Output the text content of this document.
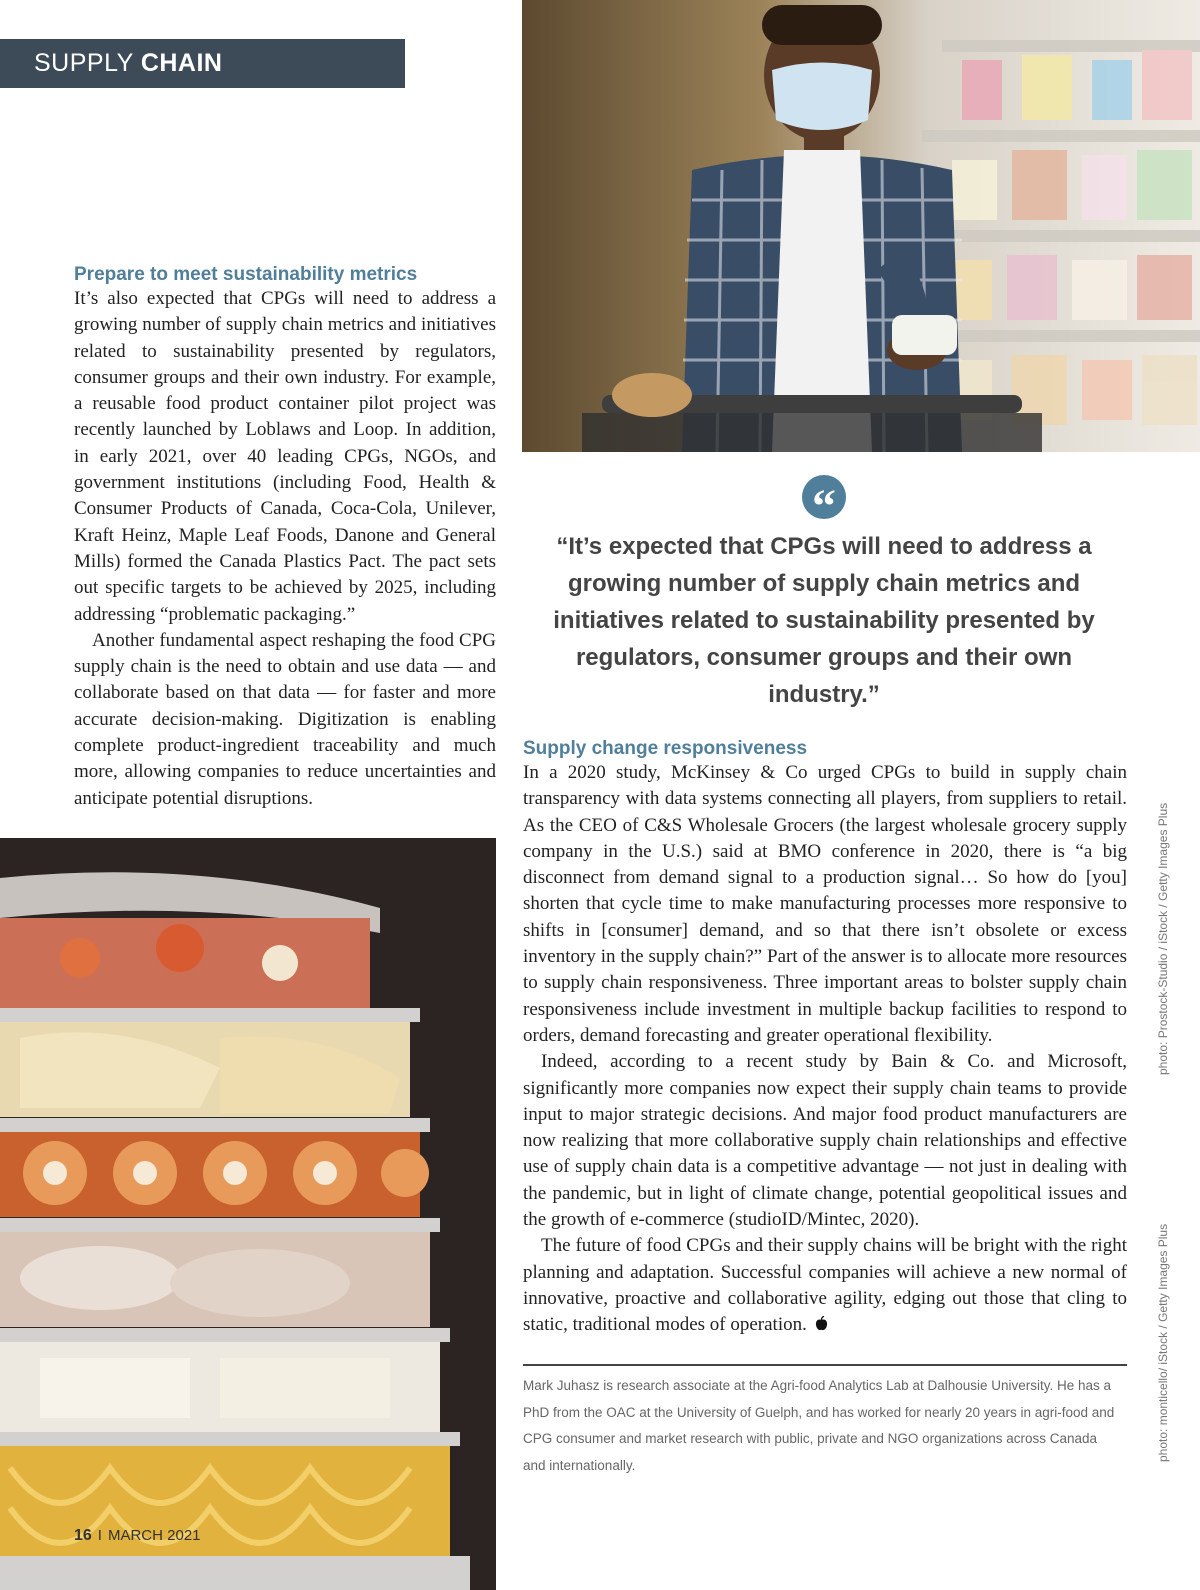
SUPPLY CHAIN
Prepare to meet sustainability metrics

It’s also expected that CPGs will need to address a growing number of supply chain metrics and initiatives related to sustainability presented by regulators, consumer groups and their own industry. For example, a reusable food product container pilot project was recently launched by Loblaws and Loop. In addition, in early 2021, over 40 leading CPGs, NGOs, and government institutions (including Food, Health & Consumer Products of Canada, Coca-Cola, Unilever, Kraft Heinz, Maple Leaf Foods, Danone and General Mills) formed the Canada Plastics Pact. The pact sets out specific targets to be achieved by 2025, including addressing “problematic packaging.”

Another fundamental aspect reshaping the food CPG supply chain is the need to obtain and use data — and collaborate based on that data — for faster and more accurate decision-making. Digitization is enabling complete product-ingredient traceability and much more, allowing companies to reduce uncertainties and anticipate potential disruptions.

“

“It’s expected that CPGs will need to address a growing number of supply chain metrics and initiatives related to sustainability presented by regulators, consumer groups and their own industry.”

Supply change responsiveness

In a 2020 study, McKinsey & Co urged CPGs to build in supply chain transparency with data systems connecting all players, from suppliers to retail. As the CEO of C&S Wholesale Grocers (the largest wholesale grocery supply company in the U.S.) said at BMO conference in 2020, there is “a big disconnect from demand signal to a production signal… So how do [you] shorten that cycle time to make manufacturing processes more responsive to shifts in [consumer] demand, and so that there isn’t obsolete or excess inventory in the supply chain?” Part of the answer is to allocate more resources to supply chain responsiveness. Three important areas to bolster supply chain responsiveness include investment in multiple backup facilities to respond to orders, demand forecasting and greater operational flexibility.

Indeed, according to a recent study by Bain & Co. and Microsoft, significantly more companies now expect their supply chain teams to provide input to major strategic decisions. And major food product manufacturers are now realizing that more collaborative supply chain relationships and effective use of supply chain data is a competitive advantage — not just in dealing with the pandemic, but in light of climate change, potential geopolitical issues and the growth of e-commerce (studioID/Mintec, 2020).

The future of food CPGs and their supply chains will be bright with the right planning and adaptation. Successful companies will achieve a new normal of innovative, proactive and collaborative agility, edging out those that cling to static, traditional modes of operation.

Mark Juhasz is research associate at the Agri-food Analytics Lab at Dalhousie University. He has a PhD from the OAC at the University of Guelph, and has worked for nearly 20 years in agri-food and CPG consumer and market research with public, private and NGO organizations across Canada and internationally.

photo: Prostock-Studio / iStock / Getty Images Plus
photo: monticello/ iStock / Getty Images Plus
16 I MARCH 2021
